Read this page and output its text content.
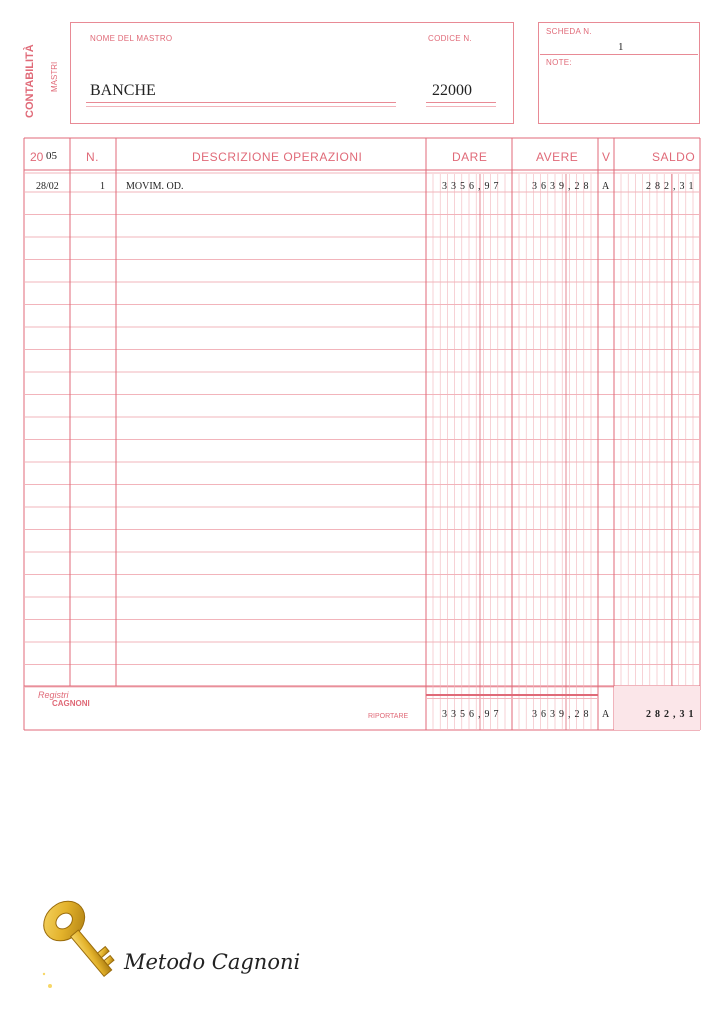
CONTABILITÀ MASTRI
NOME DEL MASTRO
BANCHE
CODICE N.
22000
SCHEDA N.
1
NOTE:
20 05 N.	DESCRIZIONE OPERAZIONI	DARE	AVERE V	SALDO
28/02	1 MOVIM. OD.	3356,97	3639,28 A	282,31
Registri
CAGNONI
RIPORTARE	3356,97	3639,28 A	282,31
Metodo Cagnoni
